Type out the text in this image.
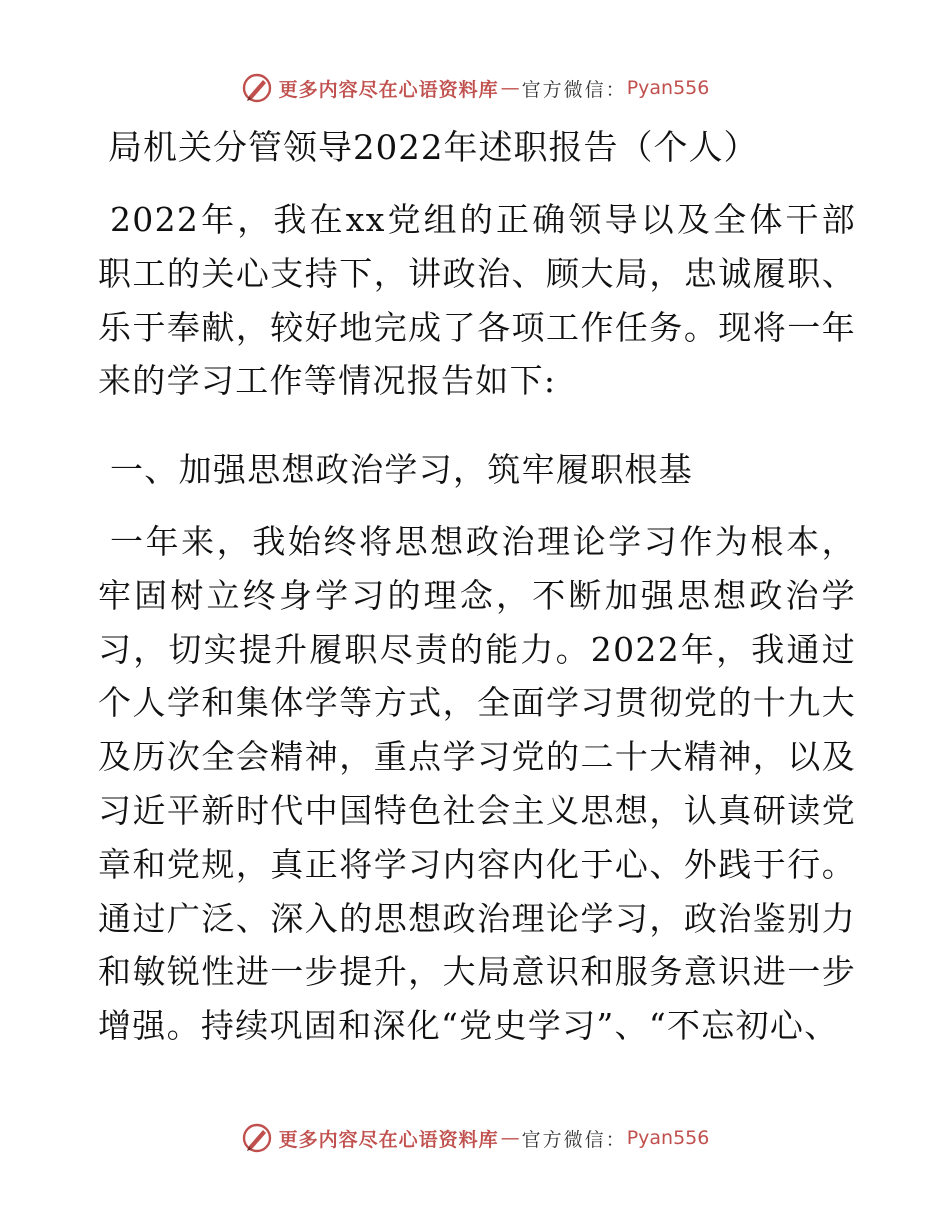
更多内容尽在心语资料库 — 官方微信： Pyan556
局机关分管领导2022年述职报告（个人）

2022年，我在xx党组的正确领导以及全体干部职工的关心支持下，讲政治、顾大局，忠诚履职、乐于奉献，较好地完成了各项工作任务。现将一年来的学习工作等情况报告如下:

一、加强思想政治学习，筑牢履职根基

一年来，我始终将思想政治理论学习作为根本，牢固树立终身学习的理念，不断加强思想政治学习，切实提升履职尽责的能力。2022年，我通过个人学和集体学等方式，全面学习贯彻党的十九大及历次全会精神，重点学习党的二十大精神，以及习近平新时代中国特色社会主义思想，认真研读党章和党规，真正将学习内容内化于心、外践于行。通过广泛、深入的思想政治理论学习，政治鉴别力和敏锐性进一步提升，大局意识和服务意识进一步增强。持续巩固和深化“党史学习”、“不忘初心、

更多内容尽在心语资料库 — 官方微信： Pyan556
